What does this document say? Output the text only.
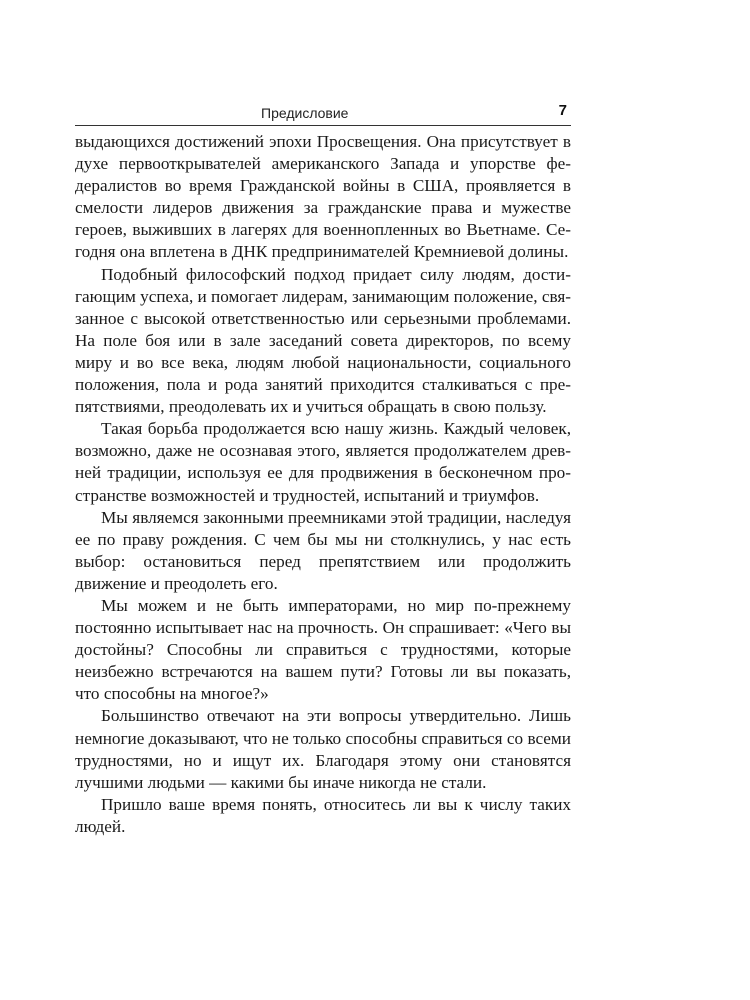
Предисловие	7

выдающихся достижений эпохи Просвещения. Она присутствует в духе первооткрывателей американского Запада и упорстве федералистов во время Гражданской войны в США, проявляется в смелости лидеров движения за гражданские права и мужестве героев, выживших в лагерях для военнопленных во Вьетнаме. Сегодня она вплетена в ДНК предпринимателей Кремниевой долины.

Подобный философский подход придает силу людям, достигающим успеха, и помогает лидерам, занимающим положение, связанное с высокой ответственностью или серьезными проблемами. На поле боя или в зале заседаний совета директоров, по всему миру и во все века, людям любой национальности, социального положения, пола и рода занятий приходится сталкиваться с препятствиями, преодолевать их и учиться обращать в свою пользу.

Такая борьба продолжается всю нашу жизнь. Каждый человек, возможно, даже не осознавая этого, является продолжателем древней традиции, используя ее для продвижения в бесконечном пространстве возможностей и трудностей, испытаний и триумфов.

Мы являемся законными преемниками этой традиции, наследуя ее по праву рождения. С чем бы мы ни столкнулись, у нас есть выбор: остановиться перед препятствием или продолжить движение и преодолеть его.

Мы можем и не быть императорами, но мир по-прежнему постоянно испытывает нас на прочность. Он спрашивает: «Чего вы достойны? Способны ли справиться с трудностями, которые неизбежно встречаются на вашем пути? Готовы ли вы показать, что способны на многое?»

Большинство отвечают на эти вопросы утвердительно. Лишь немногие доказывают, что не только способны справиться со всеми трудностями, но и ищут их. Благодаря этому они становятся лучшими людьми — какими бы иначе никогда не стали.

Пришло ваше время понять, относитесь ли вы к числу таких людей.
